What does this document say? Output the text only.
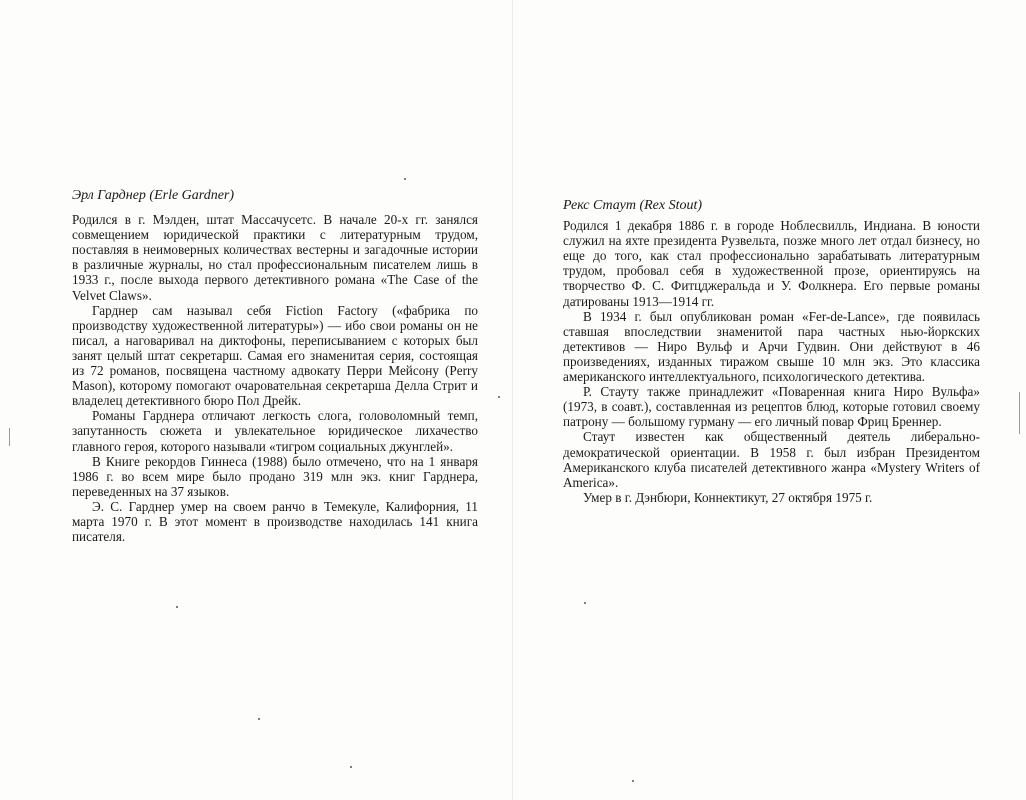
Эрл Гарднер (Erle Gardner)

Родился в г. Мэлден, штат Массачусетс. В начале 20-х гг. занялся совмещением юридической практики с литературным трудом, поставляя в неимоверных количествах вестерны и загадочные истории в различные журналы, но стал профессиональным писателем лишь в 1933 г., после выхода первого детективного романа «The Case of the Velvet Claws».

Гарднер сам называл себя Fiction Factory («фабрика по производству художественной литературы») — ибо свои романы он не писал, а наговаривал на диктофоны, переписыванием с которых был занят целый штат секретарш. Самая его знаменитая серия, состоящая из 72 романов, посвящена частному адвокату Перри Мейсону (Perry Mason), которому помогают очаровательная секретарша Делла Стрит и владелец детективного бюро Пол Дрейк.

Романы Гарднера отличают легкость слога, головоломный темп, запутанность сюжета и увлекательное юридическое лихачество главного героя, которого называли «тигром социальных джунглей».

В Книге рекордов Гиннеса (1988) было отмечено, что на 1 января 1986 г. во всем мире было продано 319 млн экз. книг Гарднера, переведенных на 37 языков.

Э. С. Гарднер умер на своем ранчо в Темекуле, Калифорния, 11 марта 1970 г. В этот момент в производстве находилась 141 книга писателя.

Рекс Стаут (Rex Stout)

Родился 1 декабря 1886 г. в городе Ноблесвилль, Индиана. В юности служил на яхте президента Рузвельта, позже много лет отдал бизнесу, но еще до того, как стал профессионально зарабатывать литературным трудом, пробовал себя в художественной прозе, ориентируясь на творчество Ф. С. Фитцджеральда и У. Фолкнера. Его первые романы датированы 1913—1914 гг.

В 1934 г. был опубликован роман «Fer-de-Lance», где появилась ставшая впоследствии знаменитой пара частных нью-йоркских детективов — Ниро Вульф и Арчи Гудвин. Они действуют в 46 произведениях, изданных тиражом свыше 10 млн экз. Это классика американского интеллектуального, психологического детектива.

Р. Стауту также принадлежит «Поваренная книга Ниро Вульфа» (1973, в соавт.), составленная из рецептов блюд, которые готовил своему патрону — большому гурману — его личный повар Фриц Бреннер.

Стаут известен как общественный деятель либерально-демократической ориентации. В 1958 г. был избран Президентом Американского клуба писателей детективного жанра «Mystery Writers of America».

Умер в г. Дэнбюри, Коннектикут, 27 октября 1975 г.
